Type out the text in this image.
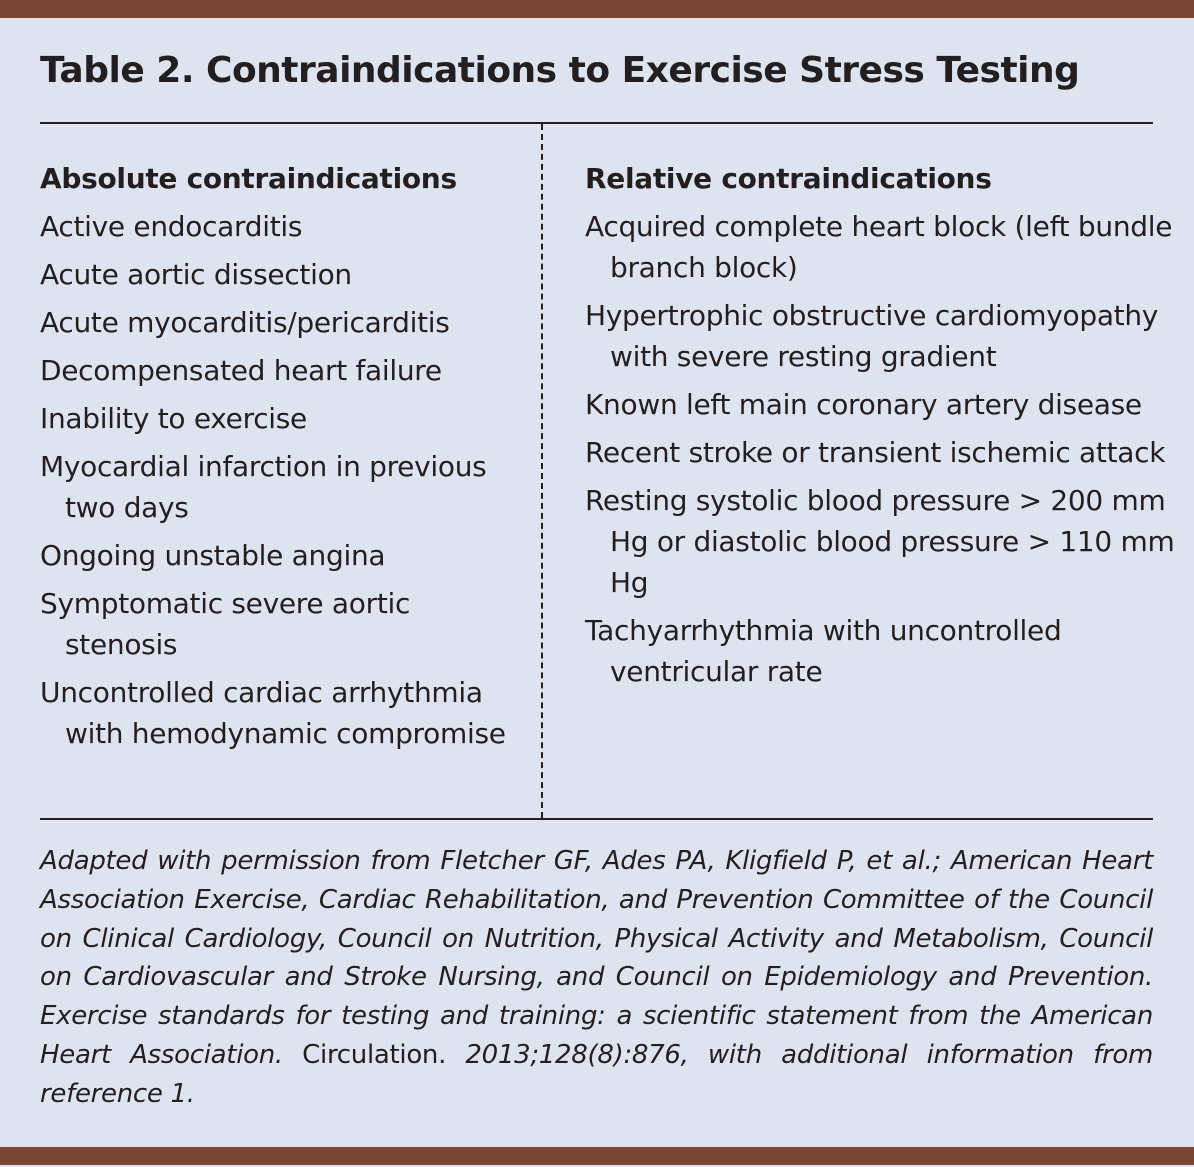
Table 2. Contraindications to Exercise Stress Testing
Absolute contraindications
Active endocarditis
Acute aortic dissection
Acute myocarditis/pericarditis
Decompensated heart failure
Inability to exercise
Myocardial infarction in previous two days
Ongoing unstable angina
Symptomatic severe aortic stenosis
Uncontrolled cardiac arrhythmia with hemodynamic compromise
Relative contraindications
Acquired complete heart block (left bundle branch block)
Hypertrophic obstructive cardiomyopathy with severe resting gradient
Known left main coronary artery disease
Recent stroke or transient ischemic attack
Resting systolic blood pressure > 200 mm Hg or diastolic blood pressure > 110 mm Hg
Tachyarrhythmia with uncontrolled ventricular rate
Adapted with permission from Fletcher GF, Ades PA, Kligfield P, et al.; American Heart Association Exercise, Cardiac Rehabilitation, and Prevention Committee of the Council on Clinical Cardiology, Council on Nutrition, Physical Activity and Metabolism, Council on Cardiovascular and Stroke Nursing, and Council on Epidemiology and Prevention. Exercise standards for testing and training: a scientific statement from the American Heart Association. Circulation. 2013;128(8):876, with additional information from reference 1.
